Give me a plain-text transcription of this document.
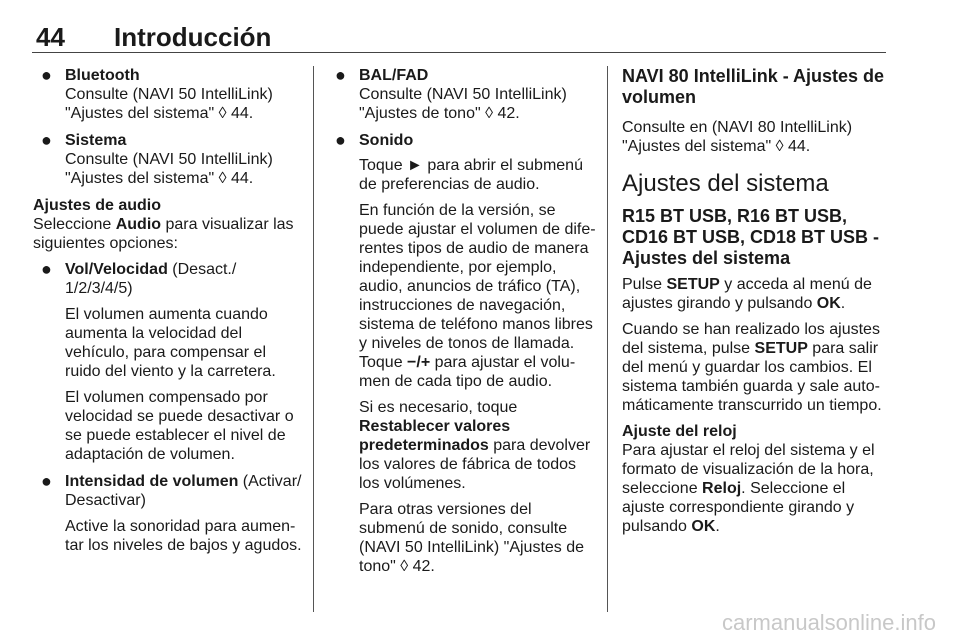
44 Introducción
● Bluetooth

Consulte (NAVI 50 IntelliLink) "Ajustes del sistema" ◊ 44.

● Sistema

Consulte (NAVI 50 IntelliLink) "Ajustes del sistema" ◊ 44.

Ajustes de audio

Seleccione Audio para visualizar las siguientes opciones:

● Vol/Velocidad (Desact./ 1/2/3/4/5)

El volumen aumenta cuando aumenta la velocidad del vehículo, para compensar el ruido del viento y la carretera.

El volumen compensado por velocidad se puede desactivar o se puede establecer el nivel de adaptación de volumen.

● Intensidad de volumen (Activar/ Desactivar)

Active la sonoridad para aumen-tar los niveles de bajos y agudos.

● BAL/FAD

Consulte (NAVI 50 IntelliLink) "Ajustes de tono" ◊ 42.

● Sonido

Toque ► para abrir el submenú de preferencias de audio.

En función de la versión, se puede ajustar el volumen de dife-rentes tipos de audio de manera independiente, por ejemplo, audio, anuncios de tráfico (TA), instrucciones de navegación, sistema de teléfono manos libres y niveles de tonos de llamada. Toque −/+ para ajustar el volu-men de cada tipo de audio.

Si es necesario, toque Restablecer valores predeterminados para devolver los valores de fábrica de todos los volúmenes.

Para otras versiones del submenú de sonido, consulte (NAVI 50 IntelliLink) "Ajustes de tono" ◊ 42.

NAVI 80 IntelliLink - Ajustes de volumen

Consulte en (NAVI 80 IntelliLink) "Ajustes del sistema" ◊ 44.

Ajustes del sistema
R15 BT USB, R16 BT USB, CD16 BT USB, CD18 BT USB - Ajustes del sistema

Pulse SETUP y acceda al menú de ajustes girando y pulsando OK.

Cuando se han realizado los ajustes del sistema, pulse SETUP para salir del menú y guardar los cambios. El sistema también guarda y sale auto-máticamente transcurrido un tiempo.

Ajuste del reloj

Para ajustar el reloj del sistema y el formato de visualización de la hora, seleccione Reloj. Seleccione el ajuste correspondiente girando y pulsando OK.

carmanualsonline.info
